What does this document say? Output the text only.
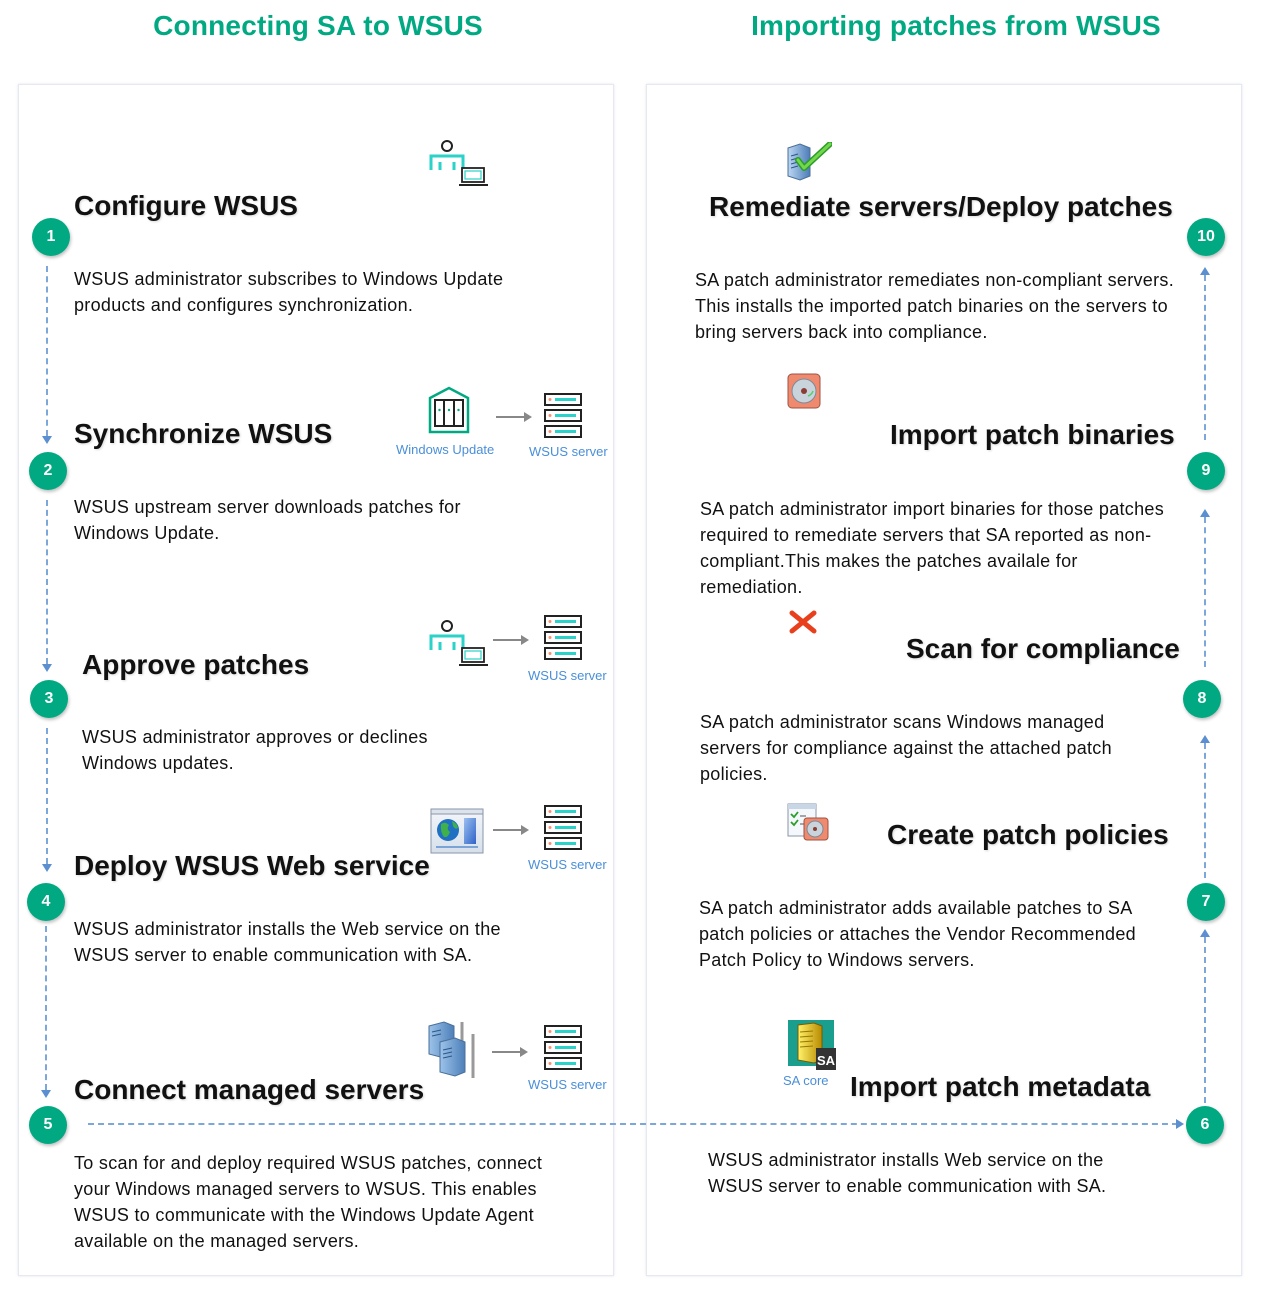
Connecting SA to WSUS	Importing patches from WSUS
Configure WSUS
1
WSUS administrator subscribes to Windows Update products and configures synchronization.
Windows Update	WSUS server
Synchronize WSUS
2
WSUS upstream server downloads patches for Windows Update.
WSUS server
Approve patches
3
WSUS administrator approves or declines Windows updates.
WSUS server
Deploy WSUS Web service
4
WSUS administrator installs the Web service on the WSUS server to enable communication with SA.
WSUS server
Connect managed servers
5
To scan for and deploy required WSUS patches, connect your Windows managed servers to WSUS. This enables WSUS to communicate with the Windows Update Agent available on the managed servers.
Remediate servers/Deploy patches
10
SA patch administrator remediates non-compliant servers. This installs the imported patch binaries on the servers to bring servers back into compliance.
Import patch binaries
9
SA patch administrator import binaries for those patches required to remediate servers that SA reported as non-compliant.This makes the patches availale for remediation.
Scan for compliance
8
SA patch administrator scans Windows managed servers for compliance against the attached patch policies.
Create patch policies
7
SA patch administrator adds available patches to SA patch policies or attaches the Vendor Recommended Patch Policy to Windows servers.
SA
SA core Import patch metadata
6
WSUS administrator installs Web service on the WSUS server to enable communication with SA.
